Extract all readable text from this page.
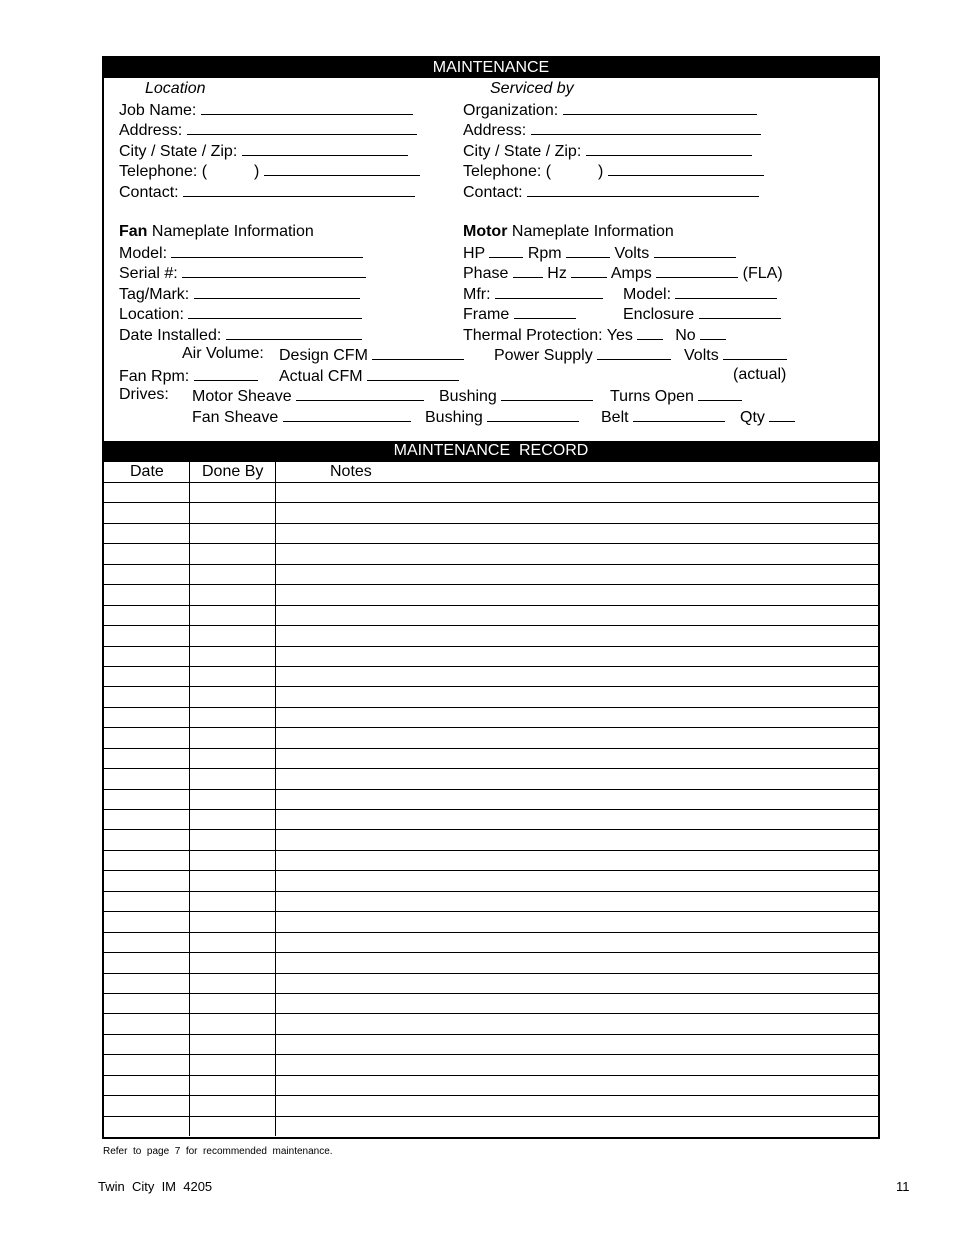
MAINTENANCE
Location	Serviced by
Job Name:
Address:
City / State / Zip:
Telephone: (	)
Contact:
Organization:
Address:
City / State / Zip:
Telephone: (	)
Contact:
Fan Nameplate Information	Motor Nameplate Information
Model:
Serial #:
Tag/Mark:
Location:
Date Installed:
HP	Rpm	Volts
Phase Hz	Amps	(FLA)
Mfr:	Model:
Frame	Enclosure
Thermal Protection: Yes	No
Air Volume: Design CFM	Power Supply	Volts
Fan Rpm:	Actual CFM	(actual)
Drives: Motor Sheave	Bushing	Turns Open
Fan Sheave	Bushing	Belt	Qty
MAINTENANCE  RECORD
Date Done By	Notes
Refer  to  page  7  for  recommended  maintenance.
Twin  City  IM  4205	11
